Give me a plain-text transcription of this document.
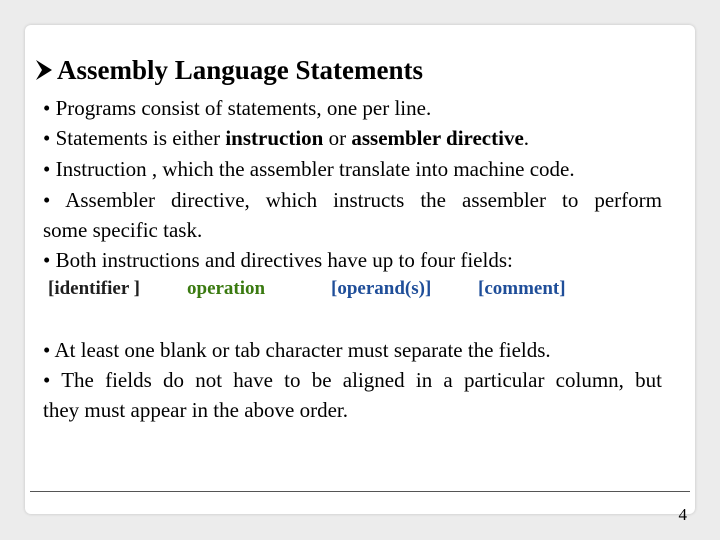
Assembly Language Statements
• Programs consist of statements, one per line.
• Statements is either instruction or assembler directive.
• Instruction , which the assembler translate into machine code.
• Assembler directive, which instructs the assembler to perform
some specific task.
• Both instructions and directives have up to four fields:
[identifier ] operation	[operand(s)] [comment]
• At least one blank or tab character must separate the fields.
• The fields do not have to be aligned in a particular column, but
they must appear in the above order.
4
